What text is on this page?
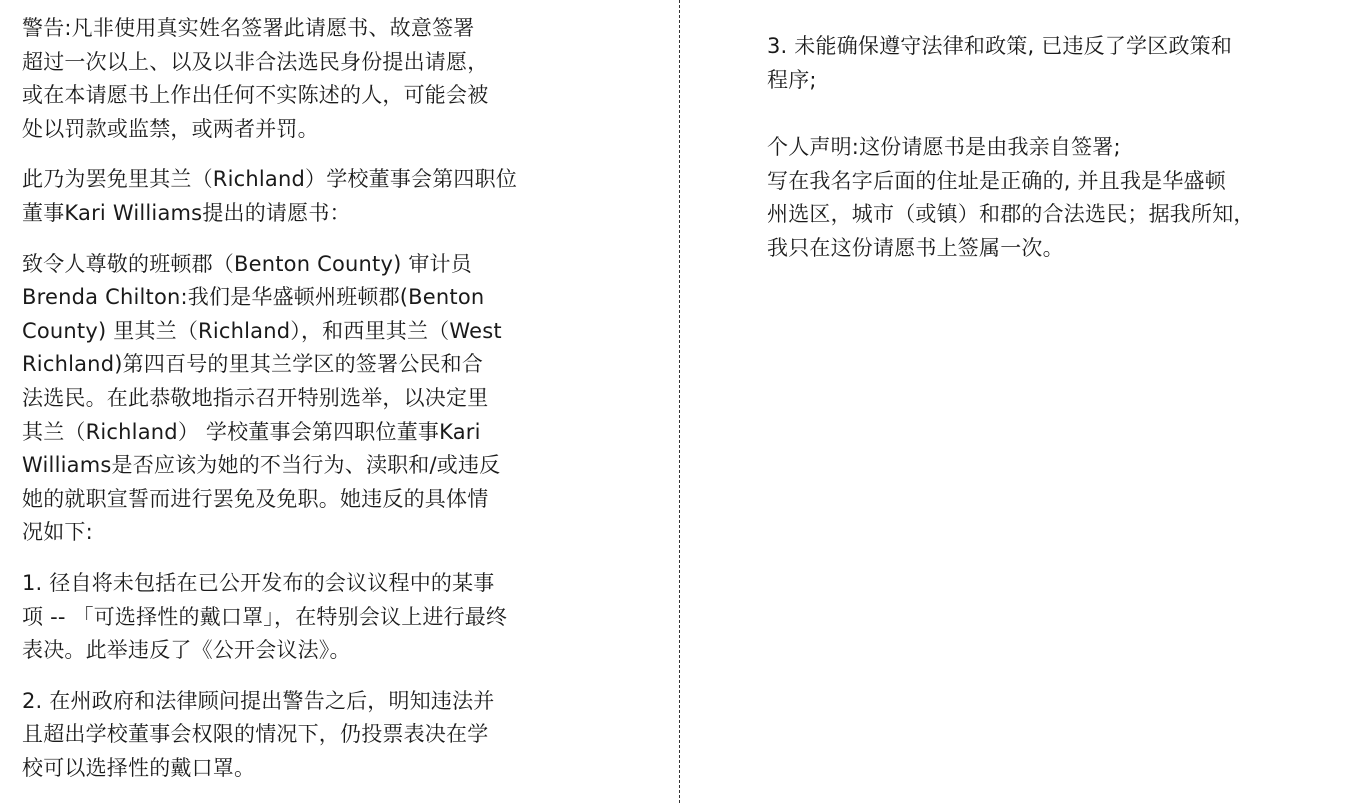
警告:凡非使用真实姓名签署此请愿书、故意签署
超过一次以上、以及以非合法选民身份提出请愿，
或在本请愿书上作出任何不实陈述的人，可能会被
处以罚款或监禁，或两者并罚。

此乃为罢免里其兰（Richland）学校董事会第四职位
董事Kari Williams提出的请愿书：

致令人尊敬的班顿郡（Benton County) 审计员
Brenda Chilton:我们是华盛顿州班顿郡(Benton
County) 里其兰（Richland），和西里其兰（West
Richland)第四百号的里其兰学区的签署公民和合
法选民。在此恭敬地指示召开特别选举，以决定里
其兰（Richland） 学校董事会第四职位董事Kari
Williams是否应该为她的不当行为、渎职和/或违反
她的就职宣誓而进行罢免及免职。她违反的具体情
况如下:

1. 径自将未包括在已公开发布的会议议程中的某事
项 -- 「可选择性的戴口罩」，在特别会议上进行最终
表决。此举违反了《公开会议法》。

2. 在州政府和法律顾问提出警告之后，明知违法并
且超出学校董事会权限的情况下，仍投票表决在学
校可以选择性的戴口罩。

3. 未能确保遵守法律和政策, 已违反了学区政策和
程序;

个人声明:这份请愿书是由我亲自签署;
写在我名字后面的住址是正确的, 并且我是华盛顿
州选区，城市（或镇）和郡的合法选民；据我所知，
我只在这份请愿书上签属一次。
